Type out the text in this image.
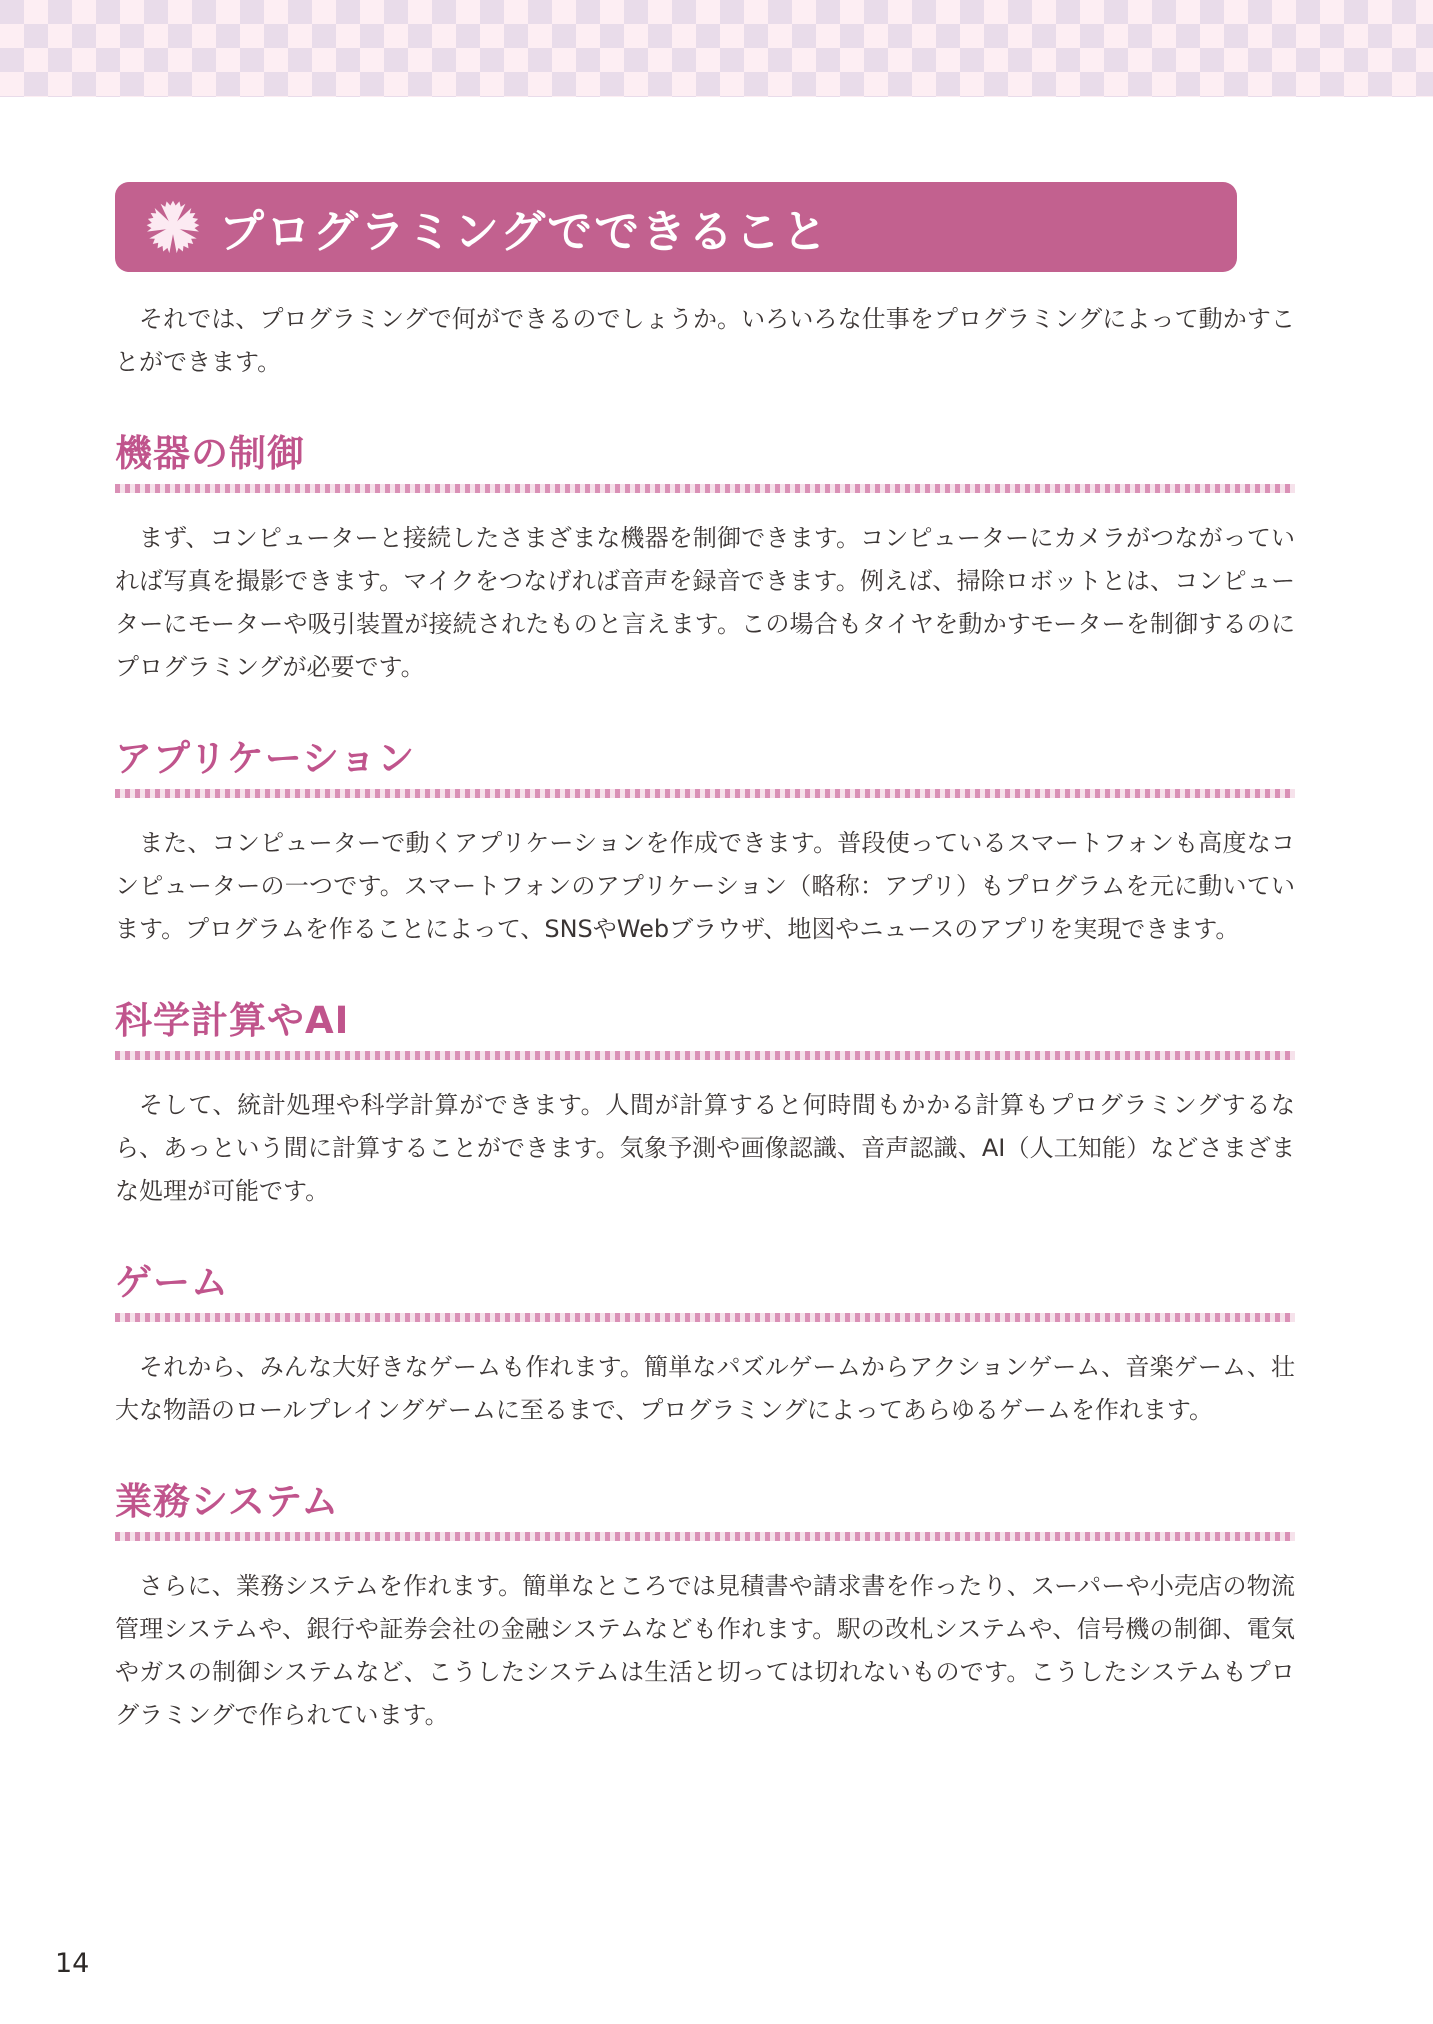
プログラミングでできること

それでは、プログラミングで何ができるのでしょうか。いろいろな仕事をプログラミングによって動かすことができます。

機器の制御

まず、コンピューターと接続したさまざまな機器を制御できます。コンピューターにカメラがつながっていれば写真を撮影できます。マイクをつなげれば音声を録音できます。例えば、掃除ロボットとは、コンピューターにモーターや吸引装置が接続されたものと言えます。この場合もタイヤを動かすモーターを制御するのにプログラミングが必要です。

アプリケーション

また、コンピューターで動くアプリケーションを作成できます。普段使っているスマートフォンも高度なコンピューターの一つです。スマートフォンのアプリケーション（略称：アプリ）もプログラムを元に動いています。プログラムを作ることによって、SNSやWebブラウザ、地図やニュースのアプリを実現できます。

科学計算やAI

そして、統計処理や科学計算ができます。人間が計算すると何時間もかかる計算もプログラミングするなら、あっという間に計算することができます。気象予測や画像認識、音声認識、AI（人工知能）などさまざまな処理が可能です。

ゲーム

それから、みんな大好きなゲームも作れます。簡単なパズルゲームからアクションゲーム、音楽ゲーム、壮大な物語のロールプレイングゲームに至るまで、プログラミングによってあらゆるゲームを作れます。

業務システム

さらに、業務システムを作れます。簡単なところでは見積書や請求書を作ったり、スーパーや小売店の物流管理システムや、銀行や証券会社の金融システムなども作れます。駅の改札システムや、信号機の制御、電気やガスの制御システムなど、こうしたシステムは生活と切っては切れないものです。こうしたシステムもプログラミングで作られています。

14
